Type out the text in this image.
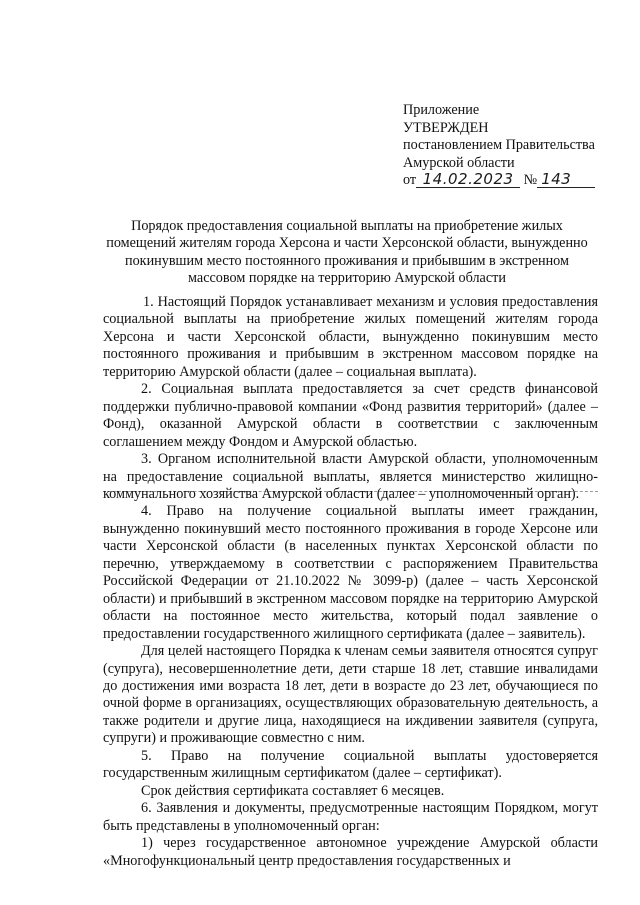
Приложение
УТВЕРЖДЕН
постановлением Правительства
Амурской области
от 14.02.2023 № 143
Порядок предоставления социальной выплаты на приобретение жилых помещений жителям города Херсона и части Херсонской области, вынужденно покинувшим место постоянного проживания и прибывшим в экстренном массовом порядке на территорию Амурской области

1. Настоящий Порядок устанавливает механизм и условия предоставления социальной выплаты на приобретение жилых помещений жителям города Херсона и части Херсонской области, вынужденно покинувшим место постоянного проживания и прибывшим в экстренном массовом порядке на территорию Амурской области (далее – социальная выплата).

2. Социальная выплата предоставляется за счет средств финансовой поддержки публично-правовой компании «Фонд развития территорий» (далее – Фонд), оказанной Амурской области в соответствии с заключенным соглашением между Фондом и Амурской областью.

3. Органом исполнительной власти Амурской области, уполномоченным на предоставление социальной выплаты, является министерство жилищно-коммунального хозяйства Амурской области (далее – уполномоченный орган).

4. Право на получение социальной выплаты имеет гражданин, вынужденно покинувший место постоянного проживания в городе Херсоне или части Херсонской области (в населенных пунктах Херсонской области по перечню, утверждаемому в соответствии с распоряжением Правительства Российской Федерации от 21.10.2022 № 3099-р) (далее – часть Херсонской области) и прибывший в экстренном массовом порядке на территорию Амурской области на постоянное место жительства, который подал заявление о предоставлении государственного жилищного сертификата (далее – заявитель).

Для целей настоящего Порядка к членам семьи заявителя относятся супруг (супруга), несовершеннолетние дети, дети старше 18 лет, ставшие инвалидами до достижения ими возраста 18 лет, дети в возрасте до 23 лет, обучающиеся по очной форме в организациях, осуществляющих образовательную деятельность, а также родители и другие лица, находящиеся на иждивении заявителя (супруга, супруги) и проживающие совместно с ним.

5. Право на получение социальной выплаты удостоверяется государственным жилищным сертификатом (далее – сертификат).

Срок действия сертификата составляет 6 месяцев.

6. Заявления и документы, предусмотренные настоящим Порядком, могут быть представлены в уполномоченный орган:

1) через государственное автономное учреждение Амурской области «Многофункциональный центр предоставления государственных и
